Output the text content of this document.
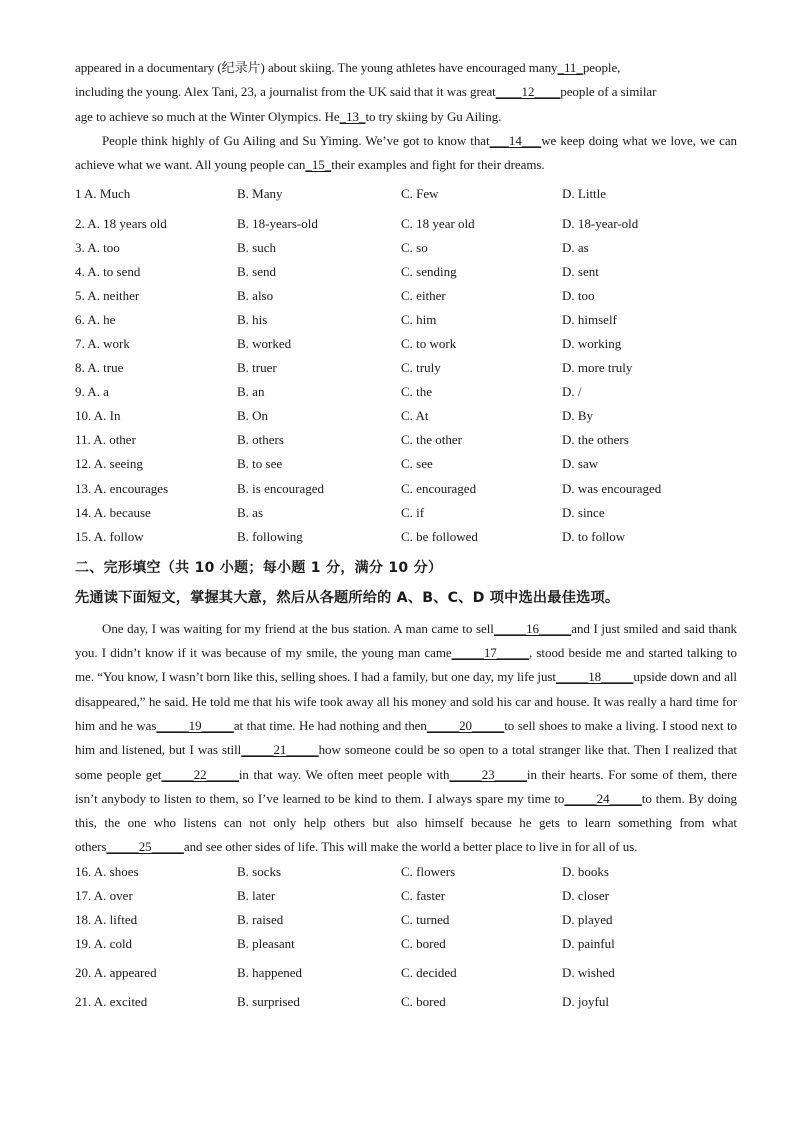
appeared in a documentary (纪录片) about skiing. The young athletes have encouraged many_11_people,

including the young. Alex Tani, 23, a journalist from the UK said that it was great____12____people of a similar

age to achieve so much at the Winter Olympics. He_13_to try skiing by Gu Ailing.

People think highly of Gu Ailing and Su Yiming. We’ve got to know that___14___we keep doing what we love, we can achieve what we want. All young people can_15_their examples and fight for their dreams.

1 A. Much	B. Many	C. Few	D. Little
2. A. 18 years old	B. 18-years-old	C. 18 year old	D. 18-year-old
3. A. too	B. such	C. so	D. as
4. A. to send	B. send	C. sending	D. sent
5. A. neither	B. also	C. either	D. too
6. A. he	B. his	C. him	D. himself
7. A. work	B. worked	C. to work	D. working
8. A. true	B. truer	C. truly	D. more truly
9. A. a	B. an	C. the	D. /
10. A. In	B. On	C. At	D. By
11. A. other	B. others	C. the other	D. the others
12. A. seeing	B. to see	C. see	D. saw
13. A. encourages	B. is encouraged	C. encouraged	D. was encouraged
14. A. because	B. as	C. if	D. since
15. A. follow	B. following	C. be followed	D. to follow
二、完形填空（共 10 小题；每小题 1 分，满分 10 分）
先通读下面短文，掌握其大意，然后从各题所给的 A、B、C、D 项中选出最佳选项。

One day, I was waiting for my friend at the bus station. A man came to sell_____16_____and I just smiled and said thank you. I didn’t know if it was because of my smile, the young man came_____17_____, stood beside me and started talking to me. “You know, I wasn’t born like this, selling shoes. I had a family, but one day, my life just_____18_____upside down and all disappeared,” he said. He told me that his wife took away all his money and sold his car and house. It was really a hard time for him and he was_____19_____at that time. He had nothing and then_____20_____to sell shoes to make a living. I stood next to him and listened, but I was still_____21_____how someone could be so open to a total stranger like that. Then I realized that some people get_____22_____in that way. We often meet people with_____23_____in their hearts. For some of them, there isn’t anybody to listen to them, so I’ve learned to be kind to them. I always spare my time to_____24_____to them. By doing this, the one who listens can not only help others but also himself because he gets to learn something from what others_____25_____and see other sides of life. This will make the world a better place to live in for all of us.

16. A. shoes	B. socks	C. flowers	D. books
17. A. over	B. later	C. faster	D. closer
18. A. lifted	B. raised	C. turned	D. played
19. A. cold	B. pleasant	C. bored	D. painful
20. A. appeared	B. happened	C. decided	D. wished
21. A. excited	B. surprised	C. bored	D. joyful
